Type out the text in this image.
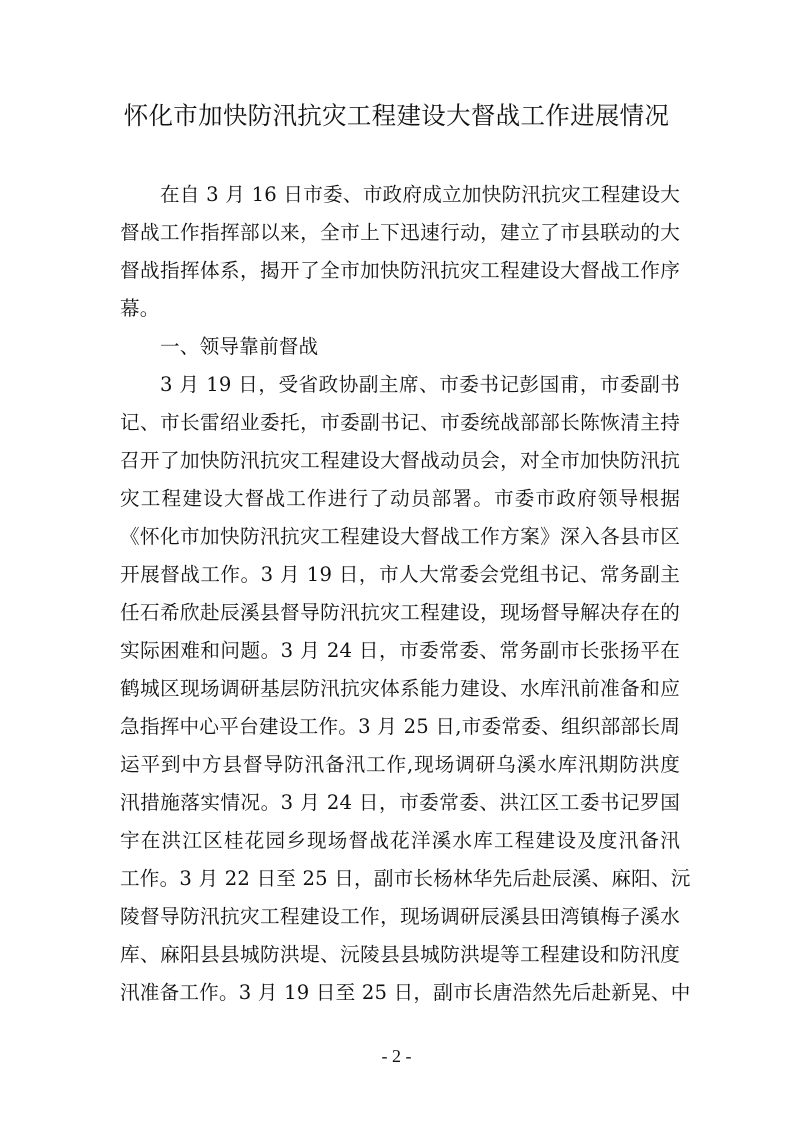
怀化市加快防汛抗灾工程建设大督战工作进展情况
在自 3 月 16 日市委、市政府成立加快防汛抗灾工程建设大
督战工作指挥部以来，全市上下迅速行动，建立了市县联动的大
督战指挥体系，揭开了全市加快防汛抗灾工程建设大督战工作序
幕。
一、领导靠前督战
3 月 19 日，受省政协副主席、市委书记彭国甫，市委副书
记、市长雷绍业委托，市委副书记、市委统战部部长陈恢清主持
召开了加快防汛抗灾工程建设大督战动员会，对全市加快防汛抗
灾工程建设大督战工作进行了动员部署。市委市政府领导根据
《怀化市加快防汛抗灾工程建设大督战工作方案》深入各县市区
开展督战工作。3 月 19 日，市人大常委会党组书记、常务副主
任石希欣赴辰溪县督导防汛抗灾工程建设，现场督导解决存在的
实际困难和问题。3 月 24 日，市委常委、常务副市长张扬平在
鹤城区现场调研基层防汛抗灾体系能力建设、水库汛前准备和应
急指挥中心平台建设工作。3 月 25 日,市委常委、组织部部长周
运平到中方县督导防汛备汛工作,现场调研乌溪水库汛期防洪度
汛措施落实情况。3 月 24 日，市委常委、洪江区工委书记罗国
宇在洪江区桂花园乡现场督战花洋溪水库工程建设及度汛备汛
工作。3 月 22 日至 25 日，副市长杨林华先后赴辰溪、麻阳、沅
陵督导防汛抗灾工程建设工作，现场调研辰溪县田湾镇梅子溪水
库、麻阳县县城防洪堤、沅陵县县城防洪堤等工程建设和防汛度
汛准备工作。3 月 19 日至 25 日，副市长唐浩然先后赴新晃、中
- 2 -
